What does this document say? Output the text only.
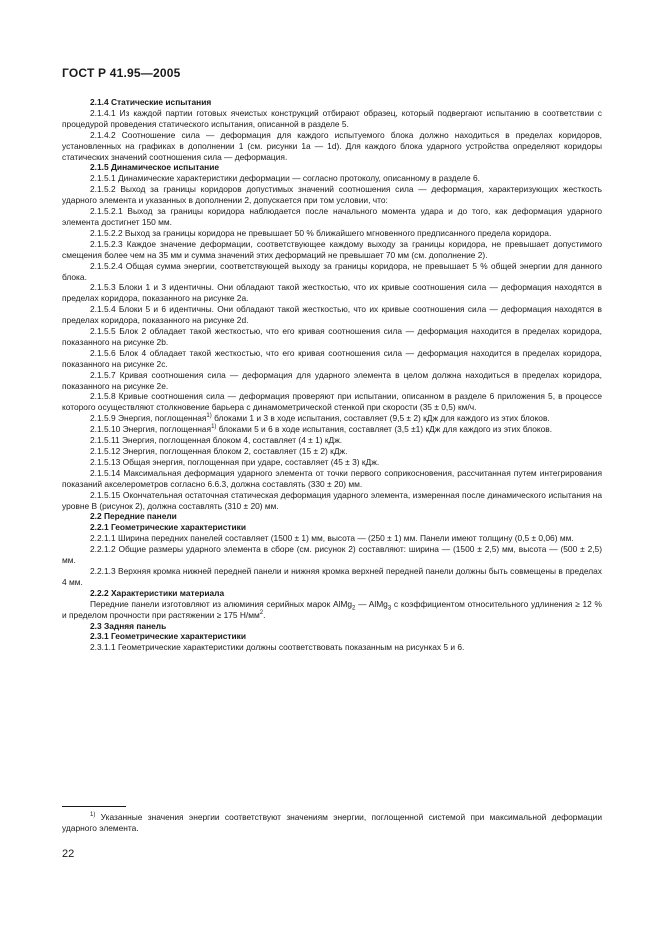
ГОСТ Р 41.95—2005
2.1.4 Статические испытания

2.1.4.1 Из каждой партии готовых ячеистых конструкций отбирают образец, который подвергают испытанию в соответствии с процедурой проведения статического испытания, описанной в разделе 5.

2.1.4.2 Соотношение сила — деформация для каждого испытуемого блока должно находиться в пределах коридоров, установленных на графиках в дополнении 1 (см. рисунки 1a — 1d). Для каждого блока ударного устройства определяют коридоры статических значений соотношения сила — деформация.

2.1.5 Динамическое испытание

2.1.5.1 Динамические характеристики деформации — согласно протоколу, описанному в разделе 6.

2.1.5.2 Выход за границы коридоров допустимых значений соотношения сила — деформация, характеризующих жесткость ударного элемента и указанных в дополнении 2, допускается при том условии, что:

2.1.5.2.1 Выход за границы коридора наблюдается после начального момента удара и до того, как деформация ударного элемента достигнет 150 мм.

2.1.5.2.2 Выход за границы коридора не превышает 50 % ближайшего мгновенного предписанного предела коридора.

2.1.5.2.3 Каждое значение деформации, соответствующее каждому выходу за границы коридора, не превышает допустимого смещения более чем на 35 мм и сумма значений этих деформаций не превышает 70 мм (см. дополнение 2).

2.1.5.2.4 Общая сумма энергии, соответствующей выходу за границы коридора, не превышает 5 % общей энергии для данного блока.

2.1.5.3 Блоки 1 и 3 идентичны. Они обладают такой жесткостью, что их кривые соотношения сила — деформация находятся в пределах коридора, показанного на рисунке 2a.

2.1.5.4 Блоки 5 и 6 идентичны. Они обладают такой жесткостью, что их кривые соотношения сила — деформация находятся в пределах коридора, показанного на рисунке 2d.

2.1.5.5 Блок 2 обладает такой жесткостью, что его кривая соотношения сила — деформация находится в пределах коридора, показанного на рисунке 2b.

2.1.5.6 Блок 4 обладает такой жесткостью, что его кривая соотношения сила — деформация находится в пределах коридора, показанного на рисунке 2c.

2.1.5.7 Кривая соотношения сила — деформация для ударного элемента в целом должна находиться в пределах коридора, показанного на рисунке 2e.

2.1.5.8 Кривые соотношения сила — деформация проверяют при испытании, описанном в разделе 6 приложения 5, в процессе которого осуществляют столкновение барьера с динамометрической стенкой при скорости (35 ± 0,5) км/ч.

2.1.5.9 Энергия, поглощенная$^{1)}$ блоками 1 и 3 в ходе испытания, составляет (9,5 ± 2) кДж для каждого из этих блоков.

2.1.5.10 Энергия, поглощенная$^{1)}$ блоками 5 и 6 в ходе испытания, составляет (3,5 ±1) кДж для каждого из этих блоков.

2.1.5.11 Энергия, поглощенная блоком 4, составляет (4 ± 1) кДж.

2.1.5.12 Энергия, поглощенная блоком 2, составляет (15 ± 2) кДж.

2.1.5.13 Общая энергия, поглощенная при ударе, составляет (45 ± 3) кДж.

2.1.5.14 Максимальная деформация ударного элемента от точки первого соприкосновения, рассчитанная путем интегрирования показаний акселерометров согласно 6.6.3, должна составлять (330 ± 20) мм.

2.1.5.15 Окончательная остаточная статическая деформация ударного элемента, измеренная после динамического испытания на уровне B (рисунок 2), должна составлять (310 ± 20) мм.

2.2 Передние панели
2.2.1 Геометрические характеристики

2.2.1.1 Ширина передних панелей составляет (1500 ± 1) мм, высота — (250 ± 1) мм. Панели имеют толщину (0,5 ± 0,06) мм.

2.2.1.2 Общие размеры ударного элемента в сборе (см. рисунок 2) составляют: ширина — (1500 ± 2,5) мм, высота — (500 ± 2,5) мм.

2.2.1.3 Верхняя кромка нижней передней панели и нижняя кромка верхней передней панели должны быть совмещены в пределах 4 мм.

2.2.2 Характеристики материала

Передние панели изготовляют из алюминия серийных марок AlMg$_2$ — AlMg$_3$ с коэффициентом относительного удлинения ≥ 12 % и пределом прочности при растяжении ≥ 175 $Н/мм^2$.

2.3 Задняя панель
2.3.1 Геометрические характеристики

2.3.1.1 Геометрические характеристики должны соответствовать показанным на рисунках 5 и 6.

$^{1)}$ Указанные значения энергии соответствуют значениям энергии, поглощенной системой при максимальной деформации ударного элемента.
22
